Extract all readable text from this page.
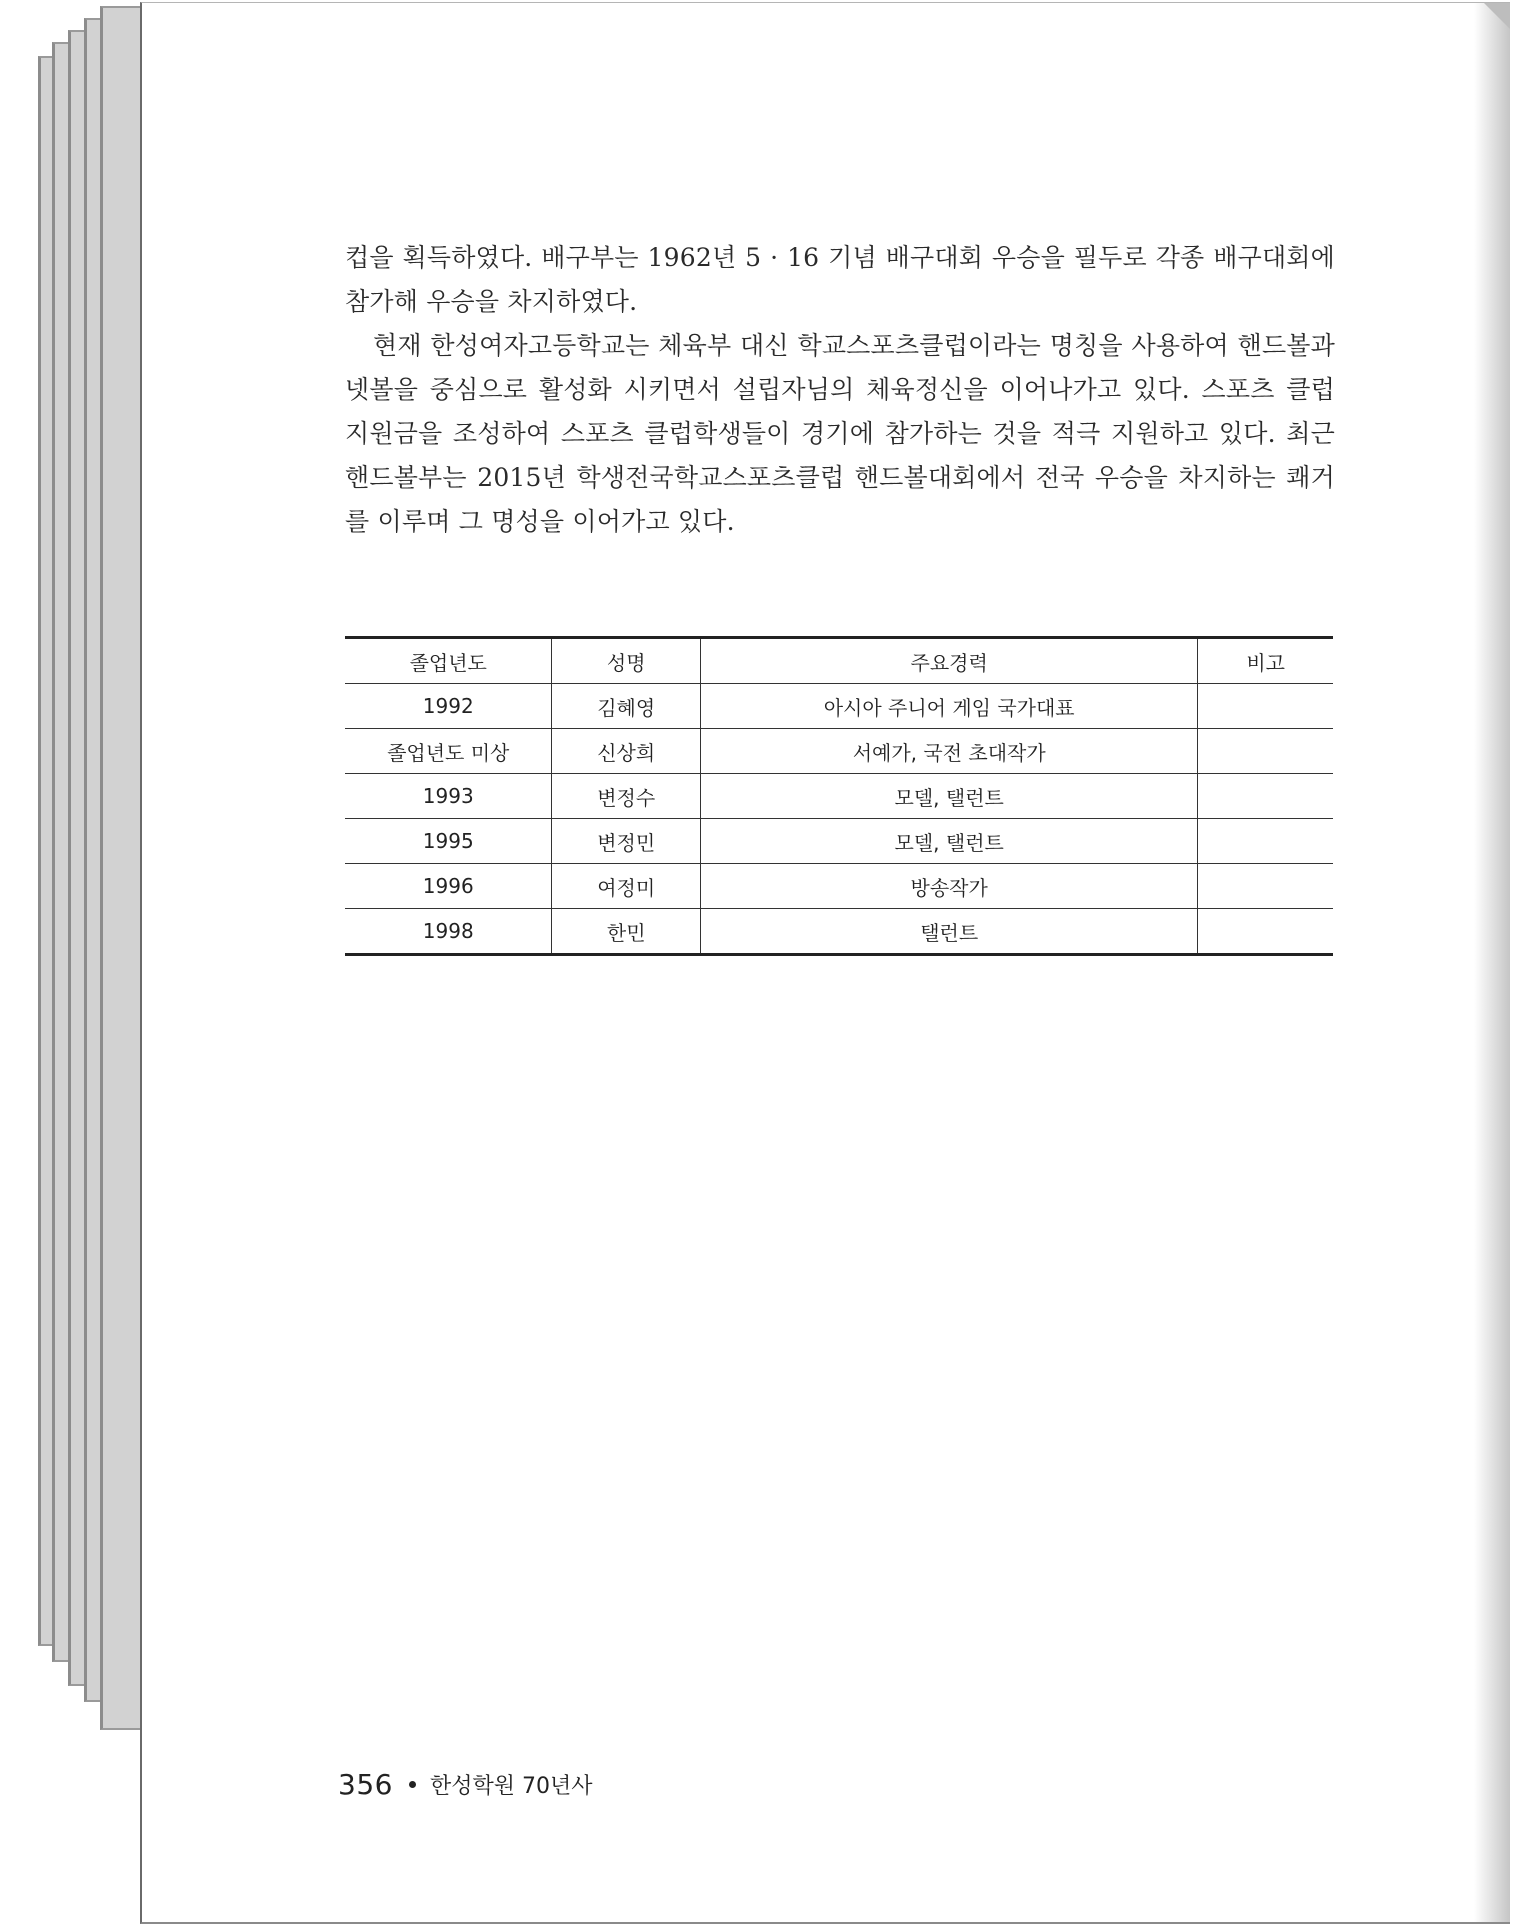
컵을 획득하였다. 배구부는 1962년 5 · 16 기념 배구대회 우승을 필두로 각종 배구대회에 참가해 우승을 차지하였다.

현재 한성여자고등학교는 체육부 대신 학교스포츠클럽이라는 명칭을 사용하여 핸드볼과 넷볼을 중심으로 활성화 시키면서 설립자님의 체육정신을 이어나가고 있다. 스포츠 클럽 지원금을 조성하여 스포츠 클럽학생들이 경기에 참가하는 것을 적극 지원하고 있다. 최근 핸드볼부는 2015년 학생전국학교스포츠클럽 핸드볼대회에서 전국 우승을 차지하는 쾌거를 이루며 그 명성을 이어가고 있다.

졸업년도	성명	주요경력	비고
1992	김혜영	아시아 주니어 게임 국가대표	
졸업년도 미상	신상희	서예가, 국전 초대작가	
1993	변정수	모델, 탤런트	
1995	변정민	모델, 탤런트	
1996	여정미	방송작가	
1998	한민	탤런트	
356 한성학원 70년사
